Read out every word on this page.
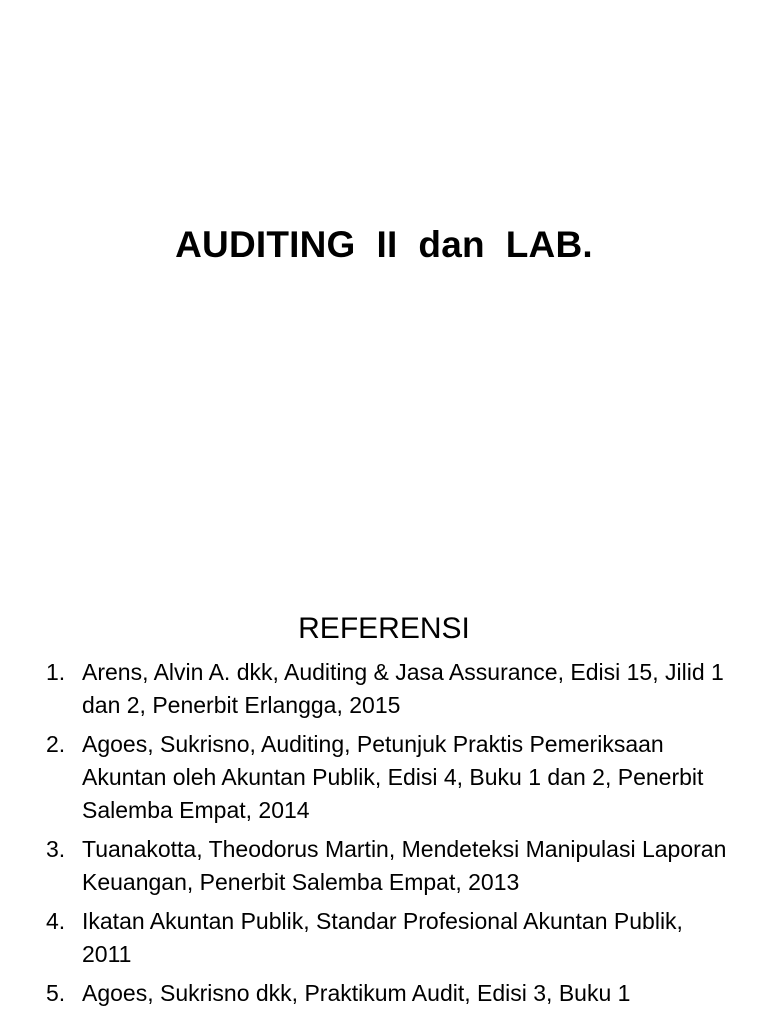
AUDITING  II  dan  LAB.
REFERENSI
1. Arens, Alvin A. dkk, Auditing & Jasa Assurance, Edisi 15, Jilid 1 dan 2, Penerbit Erlangga, 2015
2. Agoes, Sukrisno, Auditing, Petunjuk Praktis Pemeriksaan Akuntan oleh Akuntan Publik, Edisi 4, Buku 1 dan 2, Penerbit Salemba Empat, 2014
3. Tuanakotta, Theodorus Martin, Mendeteksi Manipulasi Laporan Keuangan, Penerbit Salemba Empat, 2013
4. Ikatan Akuntan Publik, Standar Profesional Akuntan Publik, 2011
5. Agoes, Sukrisno dkk, Praktikum Audit, Edisi 3, Buku 1
